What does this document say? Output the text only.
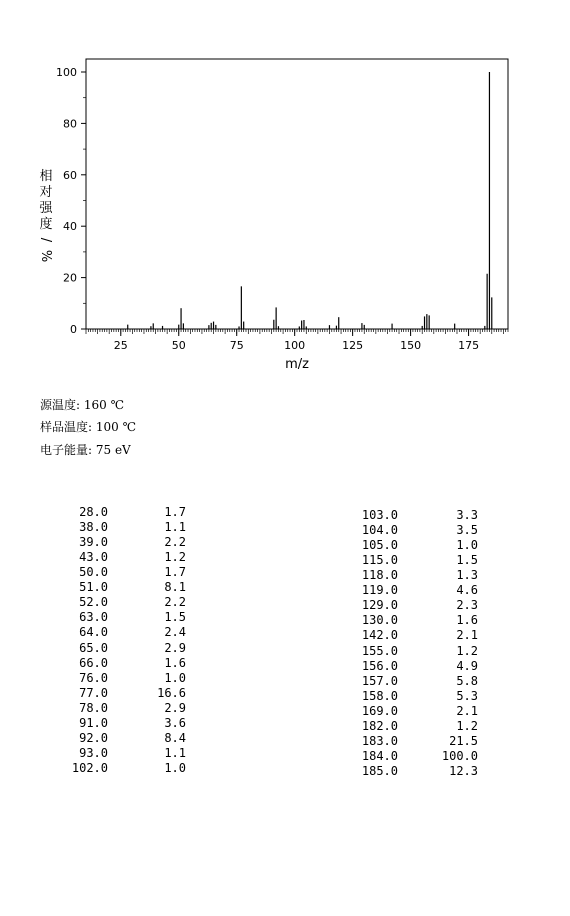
相
对
强
度
/
%
0
20
40
60
80
100
25	50	75	100	125	150	175
m/z
源温度: 160 ℃
样品温度: 100 ℃
电子能量: 75 eV
28.0	1.7
38.0	1.1
39.0	2.2
43.0	1.2
50.0	1.7
51.0	8.1
52.0	2.2
63.0	1.5
64.0	2.4
65.0	2.9
66.0	1.6
76.0	1.0
77.0	16.6
78.0	2.9
91.0	3.6
92.0	8.4
93.0	1.1
102.0	1.0
103.0	3.3
104.0	3.5
105.0	1.0
115.0	1.5
118.0	1.3
119.0	4.6
129.0	2.3
130.0	1.6
142.0	2.1
155.0	1.2
156.0	4.9
157.0	5.8
158.0	5.3
169.0	2.1
182.0	1.2
183.0	21.5
184.0	100.0
185.0	12.3
